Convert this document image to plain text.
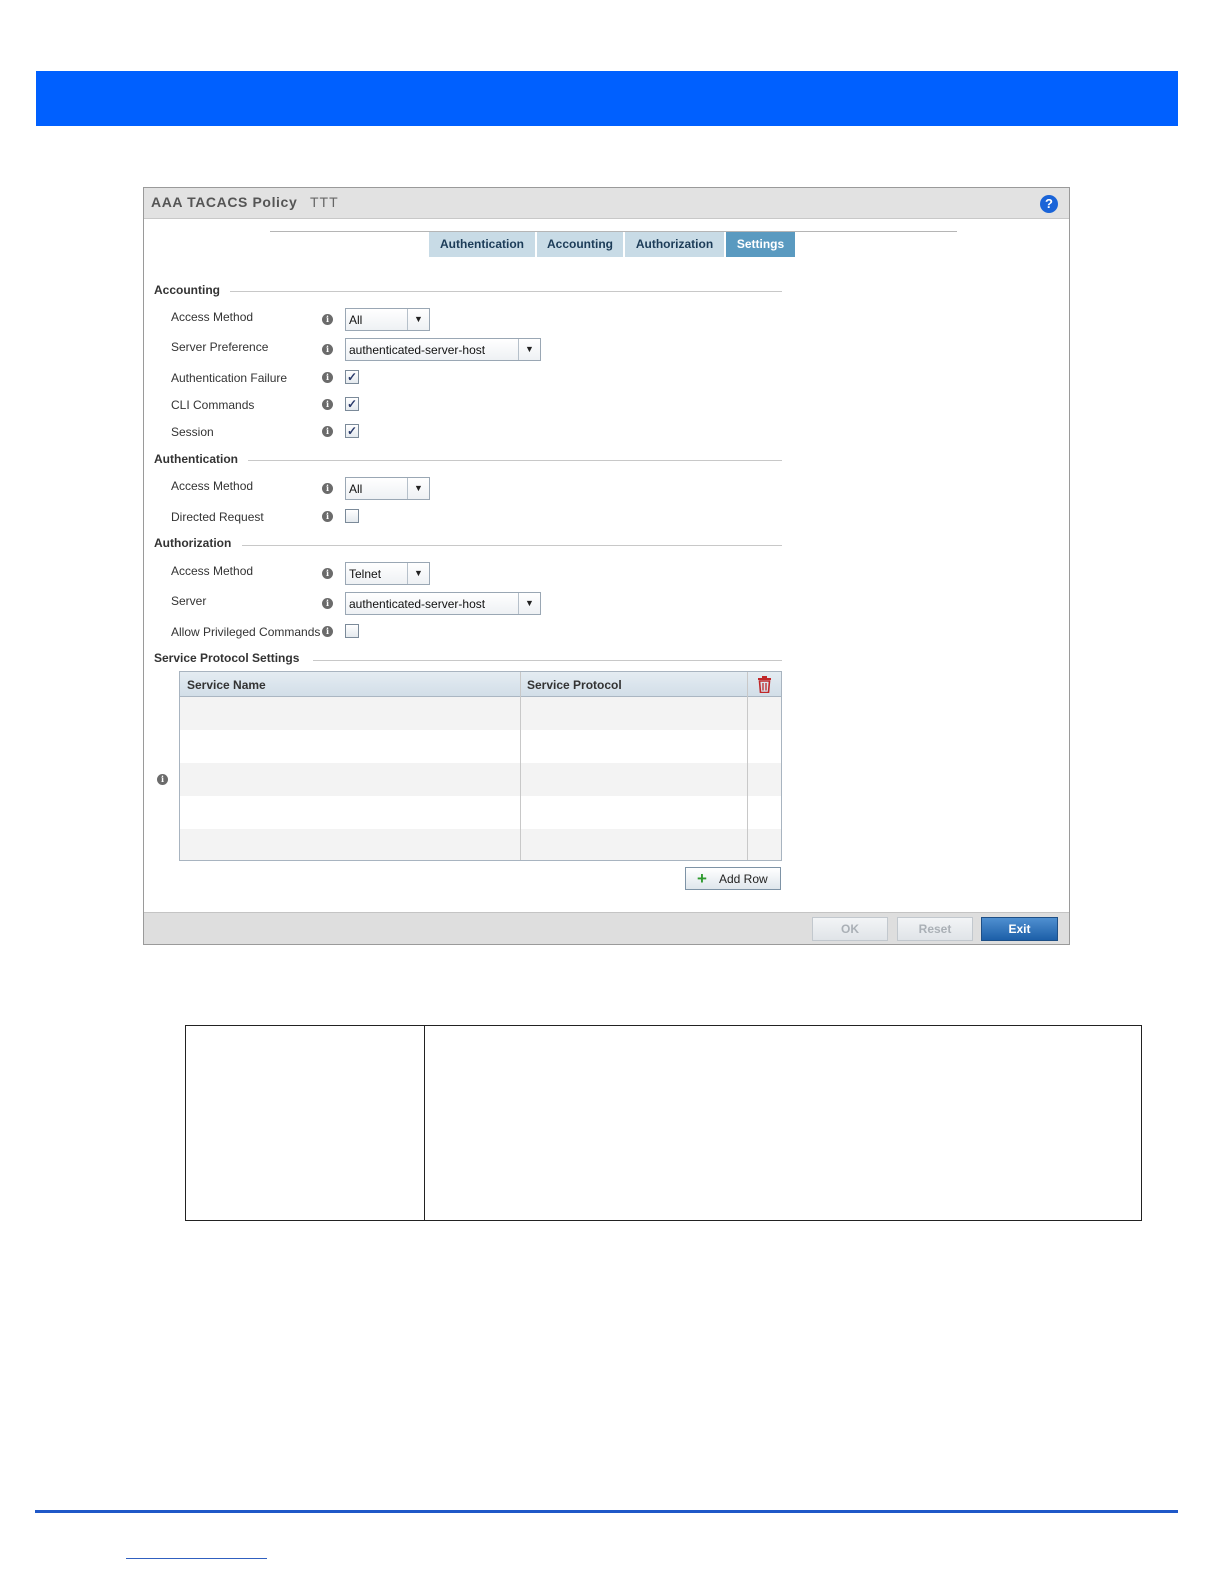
AAA TACACS Policy TTT	?
Authentication	Accounting	Authorization	Settings
Accounting
Access Method	i	All	▼
Server Preference	i	authenticated-server-host	▼
Authentication Failure	i	✓
CLI Commands	i	✓
Session	i	✓
Authentication
Access Method	i	All	▼
Directed Request	i
Authorization
Access Method	i	Telnet	▼
Server	i	authenticated-server-host	▼
Allow Privileged Commands i
Service Protocol Settings
i
Service Name	Service Protocol
+ Add Row
OK	Reset	Exit
